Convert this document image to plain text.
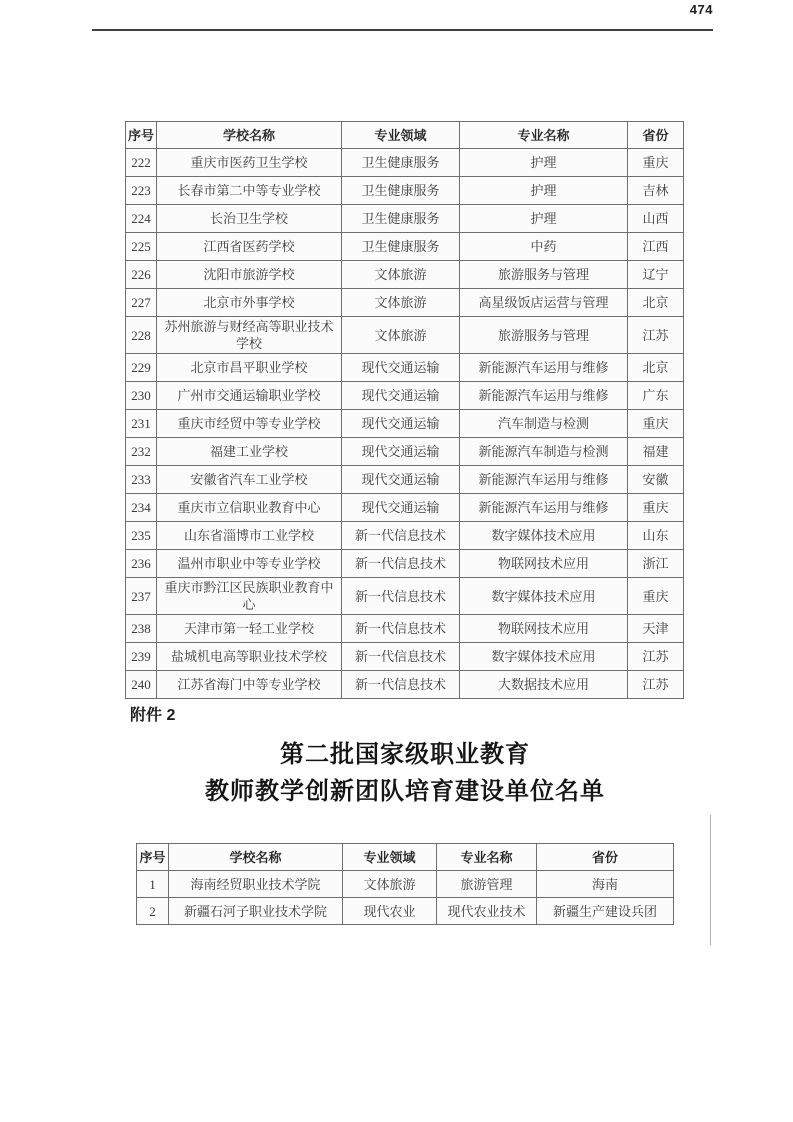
474
序号	学校名称	专业领域	专业名称	省份
222	重庆市医药卫生学校	卫生健康服务	护理	重庆
223	长春市第二中等专业学校	卫生健康服务	护理	吉林
224	长治卫生学校	卫生健康服务	护理	山西
225	江西省医药学校	卫生健康服务	中药	江西
226	沈阳市旅游学校	文体旅游	旅游服务与管理	辽宁
227	北京市外事学校	文体旅游	高星级饭店运营与管理	北京
228	苏州旅游与财经高等职业技术学校	文体旅游	旅游服务与管理	江苏
229	北京市昌平职业学校	现代交通运输	新能源汽车运用与维修	北京
230	广州市交通运输职业学校	现代交通运输	新能源汽车运用与维修	广东
231	重庆市经贸中等专业学校	现代交通运输	汽车制造与检测	重庆
232	福建工业学校	现代交通运输	新能源汽车制造与检测	福建
233	安徽省汽车工业学校	现代交通运输	新能源汽车运用与维修	安徽
234	重庆市立信职业教育中心	现代交通运输	新能源汽车运用与维修	重庆
235	山东省淄博市工业学校	新一代信息技术	数字媒体技术应用	山东
236	温州市职业中等专业学校	新一代信息技术	物联网技术应用	浙江
237	重庆市黔江区民族职业教育中心	新一代信息技术	数字媒体技术应用	重庆
238	天津市第一轻工业学校	新一代信息技术	物联网技术应用	天津
239	盐城机电高等职业技术学校	新一代信息技术	数字媒体技术应用	江苏
240	江苏省海门中等专业学校	新一代信息技术	大数据技术应用	江苏
附件 2
第二批国家级职业教育
教师教学创新团队培育建设单位名单
序号	学校名称	专业领域	专业名称	省份
1	海南经贸职业技术学院	文体旅游	旅游管理	海南
2	新疆石河子职业技术学院	现代农业	现代农业技术	新疆生产建设兵团
